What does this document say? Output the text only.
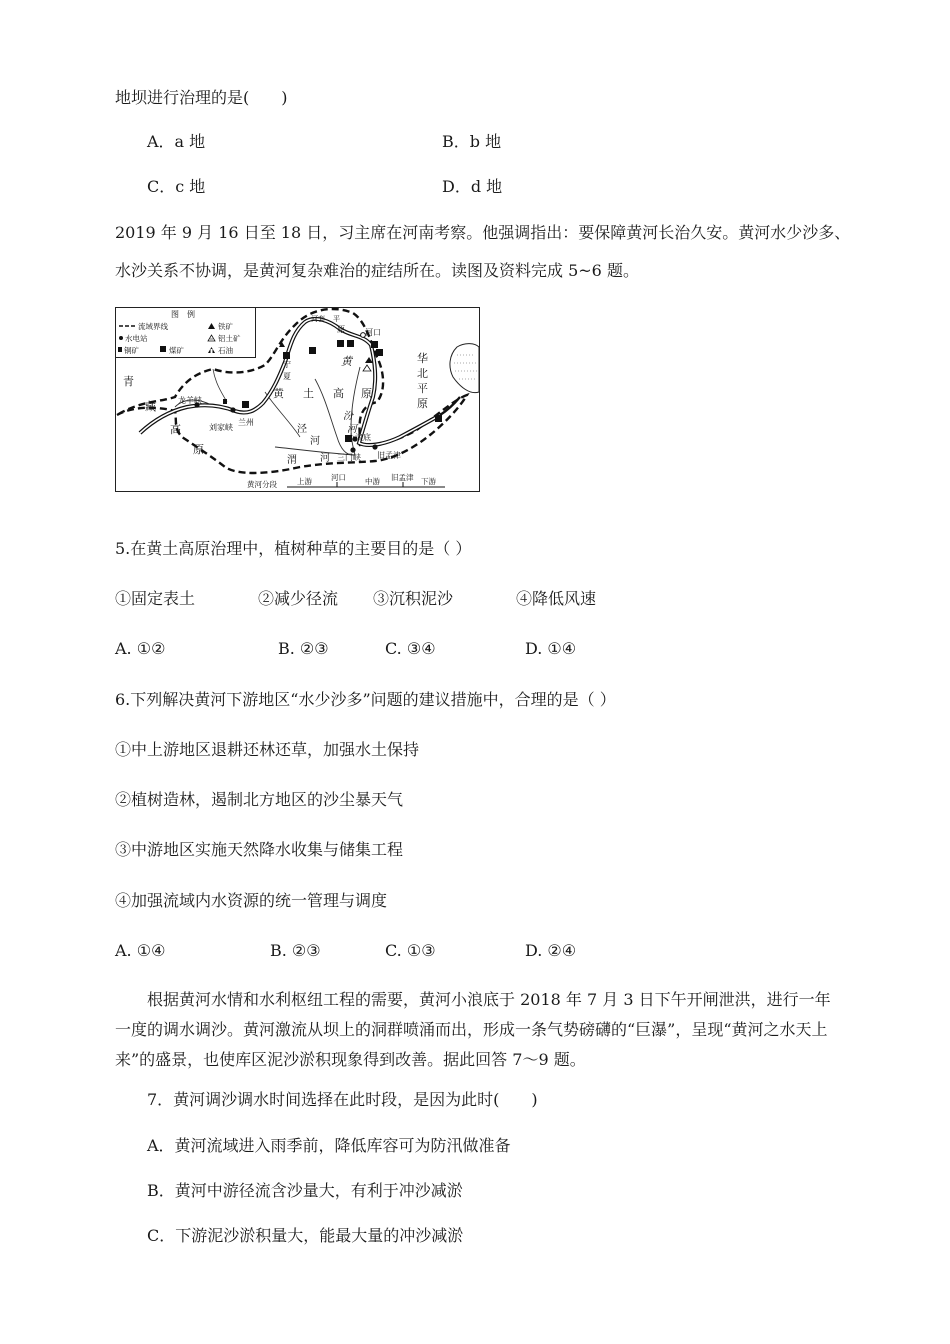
地坝进行治理的是(　　)
A．a 地	B．b 地
C．c 地	D．d 地
2019 年 9 月 16 日至 18 日，习主席在河南考察。他强调指出：要保障黄河长治久安。黄河水少沙多、
水沙关系不协调，是黄河复杂难治的症结所在。读图及资料完成 5~6 题。
图　例
流域界线	铁矿
水电站	铝土矿
铜矿	煤矿	石油
青
藏
高
原
龙羊峡
刘家峡
兰州
宁
夏
河套 平
原	河口
黄 土 高 原
黄	华
北
平
原
泾
河
渭 河
汾
河
小浪底
三门峡 旧孟津
黄河分段	上游	河口	中游 旧孟津 下游
5.在黄土高原治理中，植树种草的主要目的是（ ）
①固定表土	②减少径流 ③沉积泥沙	④降低风速
A. ①②	B. ②③	C. ③④	D. ①④
6.下列解决黄河下游地区“水少沙多”问题的建议措施中，合理的是（ ）
①中上游地区退耕还林还草，加强水土保持
②植树造林，遏制北方地区的沙尘暴天气
③中游地区实施天然降水收集与储集工程
④加强流域内水资源的统一管理与调度
A. ①④	B. ②③	C. ①③	D. ②④
根据黄河水情和水利枢纽工程的需要，黄河小浪底于 2018 年 7 月 3 日下午开闸泄洪，进行一年一度的调水调沙。黄河激流从坝上的洞群喷涌而出，形成一条气势磅礴的“巨瀑”，呈现“黄河之水天上来”的盛景，也使库区泥沙淤积现象得到改善。据此回答 7～9 题。
7．黄河调沙调水时间选择在此时段，是因为此时(　　)
A．黄河流域进入雨季前，降低库容可为防汛做准备
B．黄河中游径流含沙量大，有利于冲沙减淤
C．下游泥沙淤积量大，能最大量的冲沙减淤
